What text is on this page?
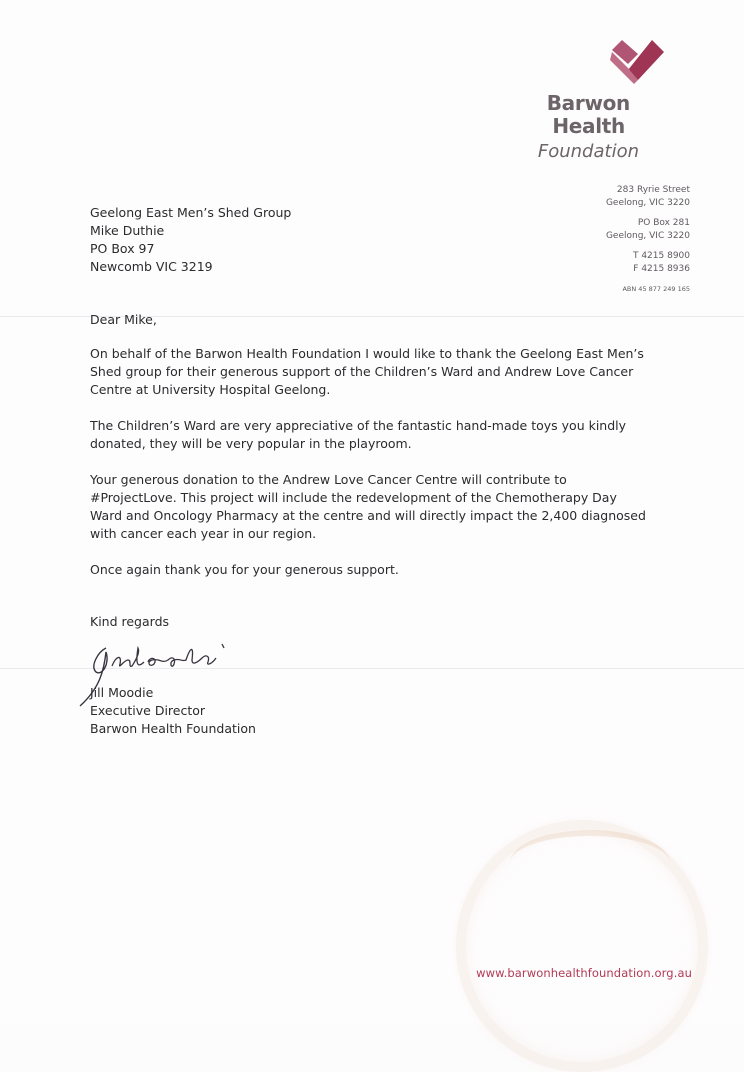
Barwon
Health
Foundation
283 Ryrie Street
Geelong, VIC 3220
PO Box 281
Geelong, VIC 3220
T 4215 8900
F 4215 8936
ABN 45 877 249 165
Geelong East Men’s Shed Group
Mike Duthie
PO Box 97
Newcomb VIC 3219

Dear Mike,

On behalf of the Barwon Health Foundation I would like to thank the Geelong East Men’s Shed group for their generous support of the Children’s Ward and Andrew Love Cancer Centre at University Hospital Geelong.

The Children’s Ward are very appreciative of the fantastic hand-made toys you kindly donated, they will be very popular in the playroom.

Your generous donation to the Andrew Love Cancer Centre will contribute to #ProjectLove. This project will include the redevelopment of the Chemotherapy Day Ward and Oncology Pharmacy at the centre and will directly impact the 2,400 diagnosed with cancer each year in our region.

Once again thank you for your generous support.

Kind regards
Jill Moodie
Executive Director
Barwon Health Foundation
www.barwonhealthfoundation.org.au
